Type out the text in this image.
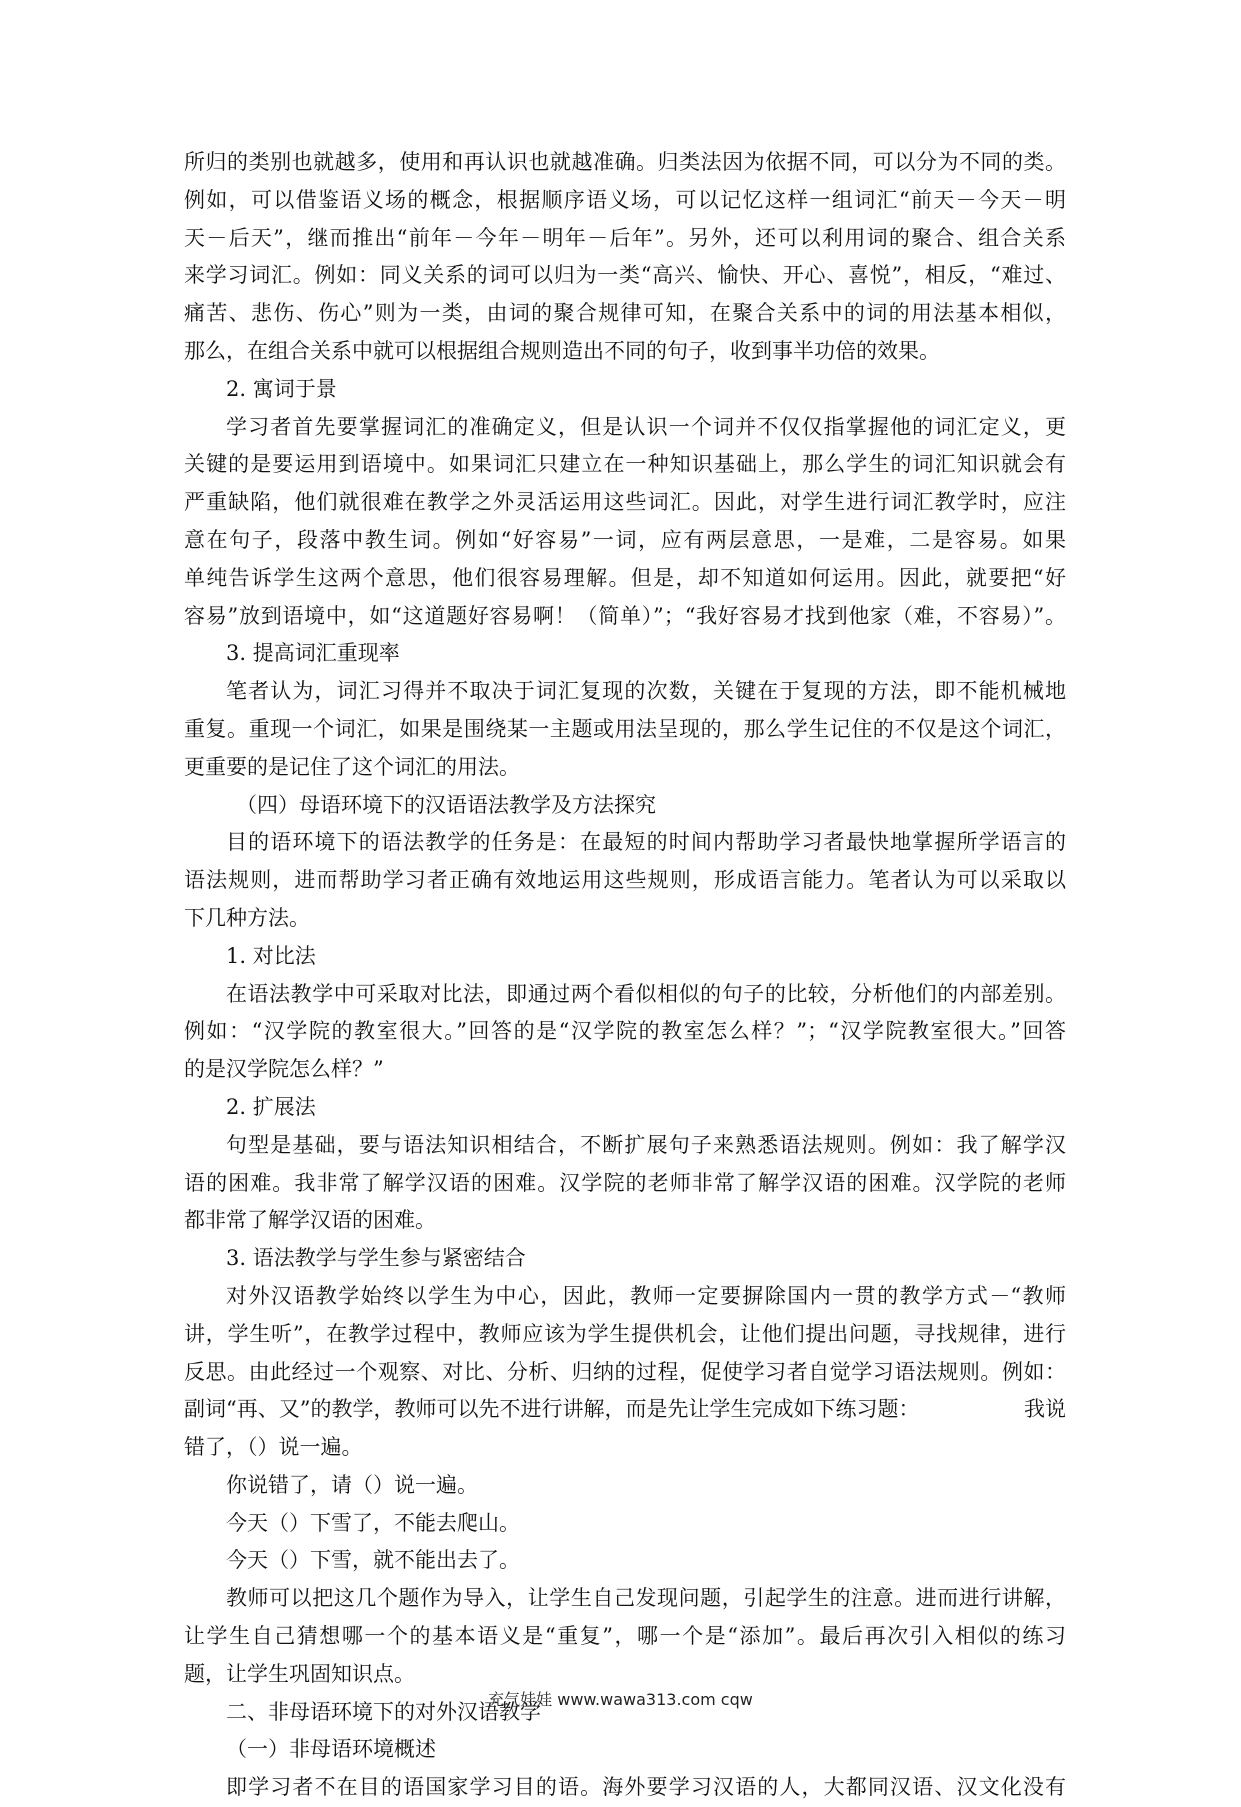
所归的类别也就越多，使用和再认识也就越准确。归类法因为依据不同，可以分为不同的类。
例如，可以借鉴语义场的概念，根据顺序语义场，可以记忆这样一组词汇“前天－今天－明
天－后天”，继而推出“前年－今年－明年－后年”。另外，还可以利用词的聚合、组合关系
来学习词汇。例如：同义关系的词可以归为一类“高兴、愉快、开心、喜悦”，相反，“难过、
痛苦、悲伤、伤心”则为一类，由词的聚合规律可知，在聚合关系中的词的用法基本相似，
那么，在组合关系中就可以根据组合规则造出不同的句子，收到事半功倍的效果。
2. 寓词于景
学习者首先要掌握词汇的准确定义，但是认识一个词并不仅仅指掌握他的词汇定义，更
关键的是要运用到语境中。如果词汇只建立在一种知识基础上，那么学生的词汇知识就会有
严重缺陷，他们就很难在教学之外灵活运用这些词汇。因此，对学生进行词汇教学时，应注
意在句子，段落中教生词。例如“好容易”一词，应有两层意思，一是难，二是容易。如果
单纯告诉学生这两个意思，他们很容易理解。但是，却不知道如何运用。因此，就要把“好
容易”放到语境中，如“这道题好容易啊！（简单）”；“我好容易才找到他家（难，不容易）”。
3. 提高词汇重现率
笔者认为，词汇习得并不取决于词汇复现的次数，关键在于复现的方法，即不能机械地
重复。重现一个词汇，如果是围绕某一主题或用法呈现的，那么学生记住的不仅是这个词汇，
更重要的是记住了这个词汇的用法。
（四）母语环境下的汉语语法教学及方法探究
目的语环境下的语法教学的任务是：在最短的时间内帮助学习者最快地掌握所学语言的
语法规则，进而帮助学习者正确有效地运用这些规则，形成语言能力。笔者认为可以采取以
下几种方法。
1. 对比法
在语法教学中可采取对比法，即通过两个看似相似的句子的比较，分析他们的内部差别。
例如：“汉学院的教室很大。”回答的是“汉学院的教室怎么样？”；“汉学院教室很大。”回答
的是汉学院怎么样？”
2. 扩展法
句型是基础，要与语法知识相结合，不断扩展句子来熟悉语法规则。例如：我了解学汉
语的困难。我非常了解学汉语的困难。汉学院的老师非常了解学汉语的困难。汉学院的老师
都非常了解学汉语的困难。
3. 语法教学与学生参与紧密结合
对外汉语教学始终以学生为中心，因此，教师一定要摒除国内一贯的教学方式－“教师
讲，学生听”，在教学过程中，教师应该为学生提供机会，让他们提出问题，寻找规律，进行
反思。由此经过一个观察、对比、分析、归纳的过程，促使学习者自觉学习语法规则。例如：
副词“再、又”的教学，教师可以先不进行讲解，而是先让学生完成如下练习题：	我说
错了，（）说一遍。
你说错了，请（）说一遍。
今天（）下雪了，不能去爬山。
今天（）下雪，就不能出去了。
教师可以把这几个题作为导入，让学生自己发现问题，引起学生的注意。进而进行讲解，
让学生自己猜想哪一个的基本语义是“重复”，哪一个是“添加”。最后再次引入相似的练习
题，让学生巩固知识点。
二、非母语环境下的对外汉语教学
（一）非母语环境概述
即学习者不在目的语国家学习目的语。海外要学习汉语的人，大都同汉语、汉文化没有
充气娃娃 www.wawa313.com cqw
